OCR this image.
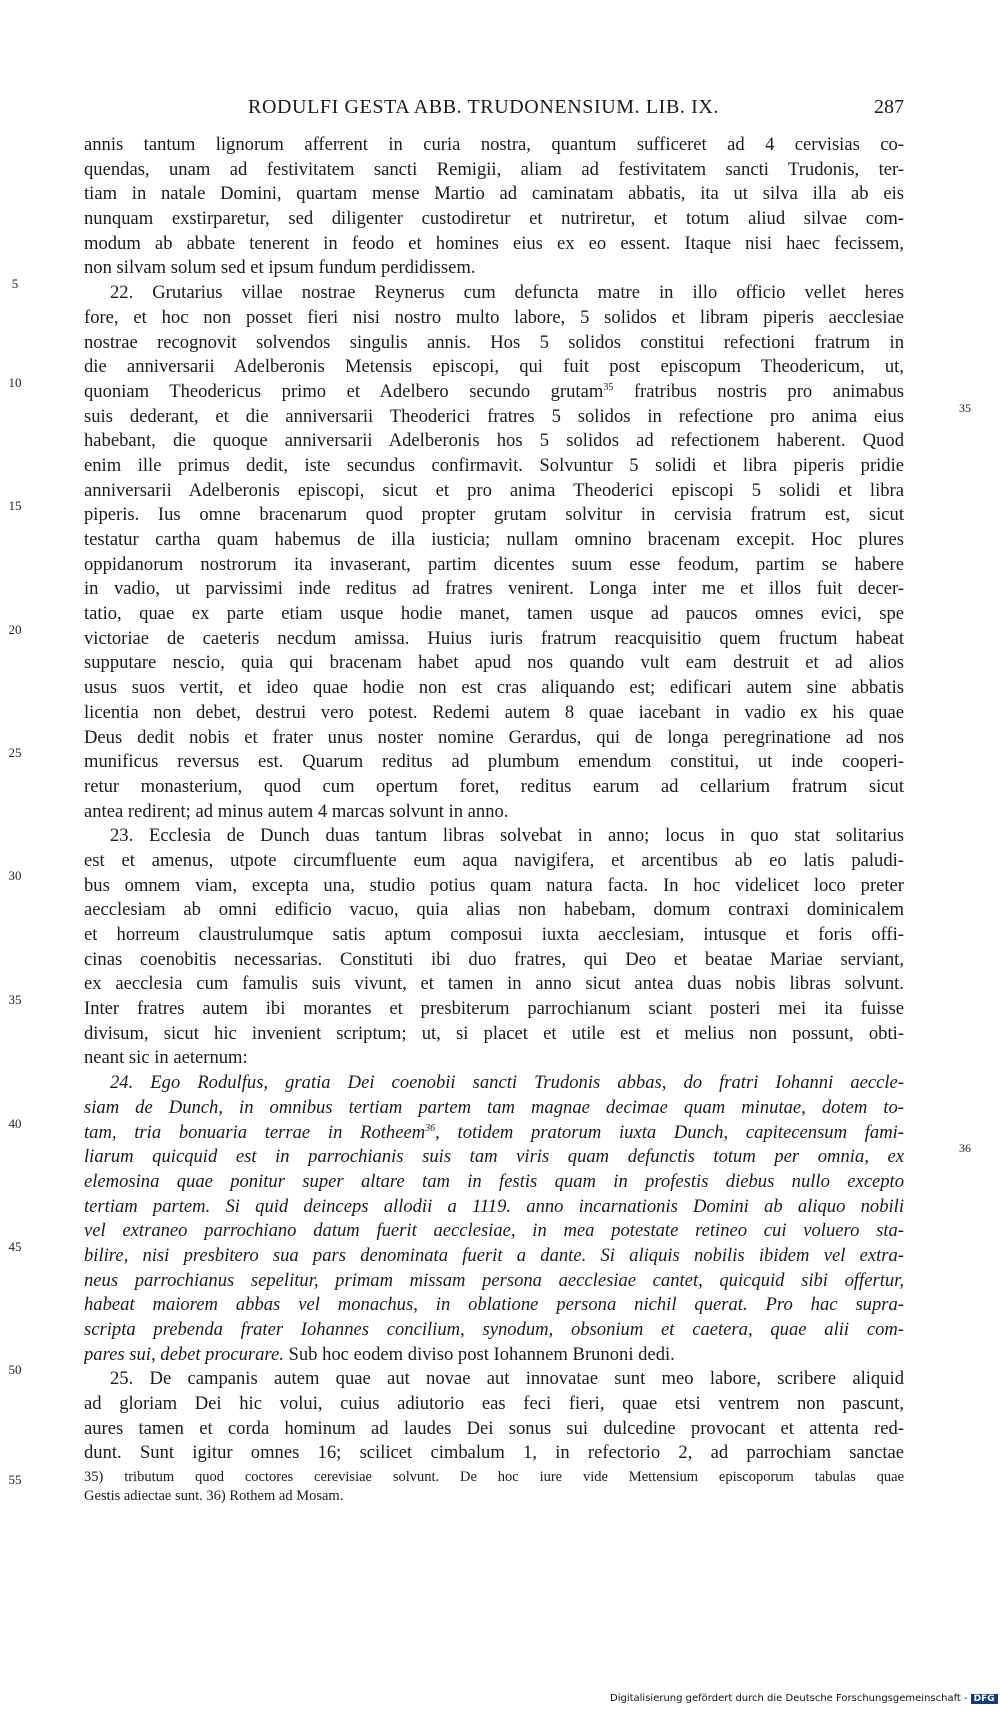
RODULFI GESTA ABB. TRUDONENSIUM. LIB. IX.	287
5
10
15
20
25
30
35
40
45
50
55
35
36
annis tantum lignorum afferrent in curia nostra, quantum sufficeret ad 4 cervisias co-
quendas, unam ad festivitatem sancti Remigii, aliam ad festivitatem sancti Trudonis, ter-
tiam in natale Domini, quartam mense Martio ad caminatam abbatis, ita ut silva illa ab eis
nunquam exstirparetur, sed diligenter custodiretur et nutriretur, et totum aliud silvae com-
modum ab abbate tenerent in feodo et homines eius ex eo essent. Itaque nisi haec fecissem,
non silvam solum sed et ipsum fundum perdidissem.
22. Grutarius villae nostrae Reynerus cum defuncta matre in illo officio vellet heres
fore, et hoc non posset fieri nisi nostro multo labore, 5 solidos et libram piperis aecclesiae
nostrae recognovit solvendos singulis annis. Hos 5 solidos constitui refectioni fratrum in
die anniversarii Adelberonis Metensis episcopi, qui fuit post episcopum Theodericum, ut,
quoniam Theodericus primo et Adelbero secundo grutam$^{35}$ fratribus nostris pro animabus
suis dederant, et die anniversarii Theoderici fratres 5 solidos in refectione pro anima eius
habebant, die quoque anniversarii Adelberonis hos 5 solidos ad refectionem haberent. Quod
enim ille primus dedit, iste secundus confirmavit. Solvuntur 5 solidi et libra piperis pridie
anniversarii Adelberonis episcopi, sicut et pro anima Theoderici episcopi 5 solidi et libra
piperis. Ius omne bracenarum quod propter grutam solvitur in cervisia fratrum est, sicut
testatur cartha quam habemus de illa iusticia; nullam omnino bracenam excepit. Hoc plures
oppidanorum nostrorum ita invaserant, partim dicentes suum esse feodum, partim se habere
in vadio, ut parvissimi inde reditus ad fratres venirent. Longa inter me et illos fuit decer-
tatio, quae ex parte etiam usque hodie manet, tamen usque ad paucos omnes evici, spe
victoriae de caeteris necdum amissa. Huius iuris fratrum reacquisitio quem fructum habeat
supputare nescio, quia qui bracenam habet apud nos quando vult eam destruit et ad alios
usus suos vertit, et ideo quae hodie non est cras aliquando est; edificari autem sine abbatis
licentia non debet, destrui vero potest. Redemi autem 8 quae iacebant in vadio ex his quae
Deus dedit nobis et frater unus noster nomine Gerardus, qui de longa peregrinatione ad nos
munificus reversus est. Quarum reditus ad plumbum emendum constitui, ut inde cooperi-
retur monasterium, quod cum opertum foret, reditus earum ad cellarium fratrum sicut
antea redirent; ad minus autem 4 marcas solvunt in anno.
23. Ecclesia de Dunch duas tantum libras solvebat in anno; locus in quo stat solitarius
est et amenus, utpote circumfluente eum aqua navigifera, et arcentibus ab eo latis paludi-
bus omnem viam, excepta una, studio potius quam natura facta. In hoc videlicet loco preter
aecclesiam ab omni edificio vacuo, quia alias non habebam, domum contraxi dominicalem
et horreum claustrulumque satis aptum composui iuxta aecclesiam, intusque et foris offi-
cinas coenobitis necessarias. Constituti ibi duo fratres, qui Deo et beatae Mariae serviant,
ex aecclesia cum famulis suis vivunt, et tamen in anno sicut antea duas nobis libras solvunt.
Inter fratres autem ibi morantes et presbiterum parrochianum sciant posteri mei ita fuisse
divisum, sicut hic invenient scriptum; ut, si placet et utile est et melius non possunt, obti-
neant sic in aeternum:
24. Ego Rodulfus, gratia Dei coenobii sancti Trudonis abbas, do fratri Iohanni aeccle-
siam de Dunch, in omnibus tertiam partem tam magnae decimae quam minutae, dotem to-
tam, tria bonuaria terrae in Rotheem$^{36}$, totidem pratorum iuxta Dunch, capitecensum fami-
liarum quicquid est in parrochianis suis tam viris quam defunctis totum per omnia, ex
elemosina quae ponitur super altare tam in festis quam in profestis diebus nullo excepto
tertiam partem. Si quid deinceps allodii a 1119. anno incarnationis Domini ab aliquo nobili
vel extraneo parrochiano datum fuerit aecclesiae, in mea potestate retineo cui voluero sta-
bilire, nisi presbitero sua pars denominata fuerit a dante. Si aliquis nobilis ibidem vel extra-
neus parrochianus sepelitur, primam missam persona aecclesiae cantet, quicquid sibi offertur,
habeat maiorem abbas vel monachus, in oblatione persona nichil querat. Pro hac supra-
scripta prebenda frater Iohannes concilium, synodum, obsonium et caetera, quae alii com-
pares sui, debet procurare. Sub hoc eodem diviso post Iohannem Brunoni dedi.
25. De campanis autem quae aut novae aut innovatae sunt meo labore, scribere aliquid
ad gloriam Dei hic volui, cuius adiutorio eas feci fieri, quae etsi ventrem non pascunt,
aures tamen et corda hominum ad laudes Dei sonus sui dulcedine provocant et attenta red-
dunt. Sunt igitur omnes 16; scilicet cimbalum 1, in refectorio 2, ad parrochiam sanctae
35) tributum quod coctores cerevisiae solvunt. De hoc iure vide Mettensium episcoporum tabulas quae
Gestis adiectae sunt. 36) Rothem ad Mosam.
Digitalisierung gefördert durch die Deutsche Forschungsgemeinschaft - DFG
